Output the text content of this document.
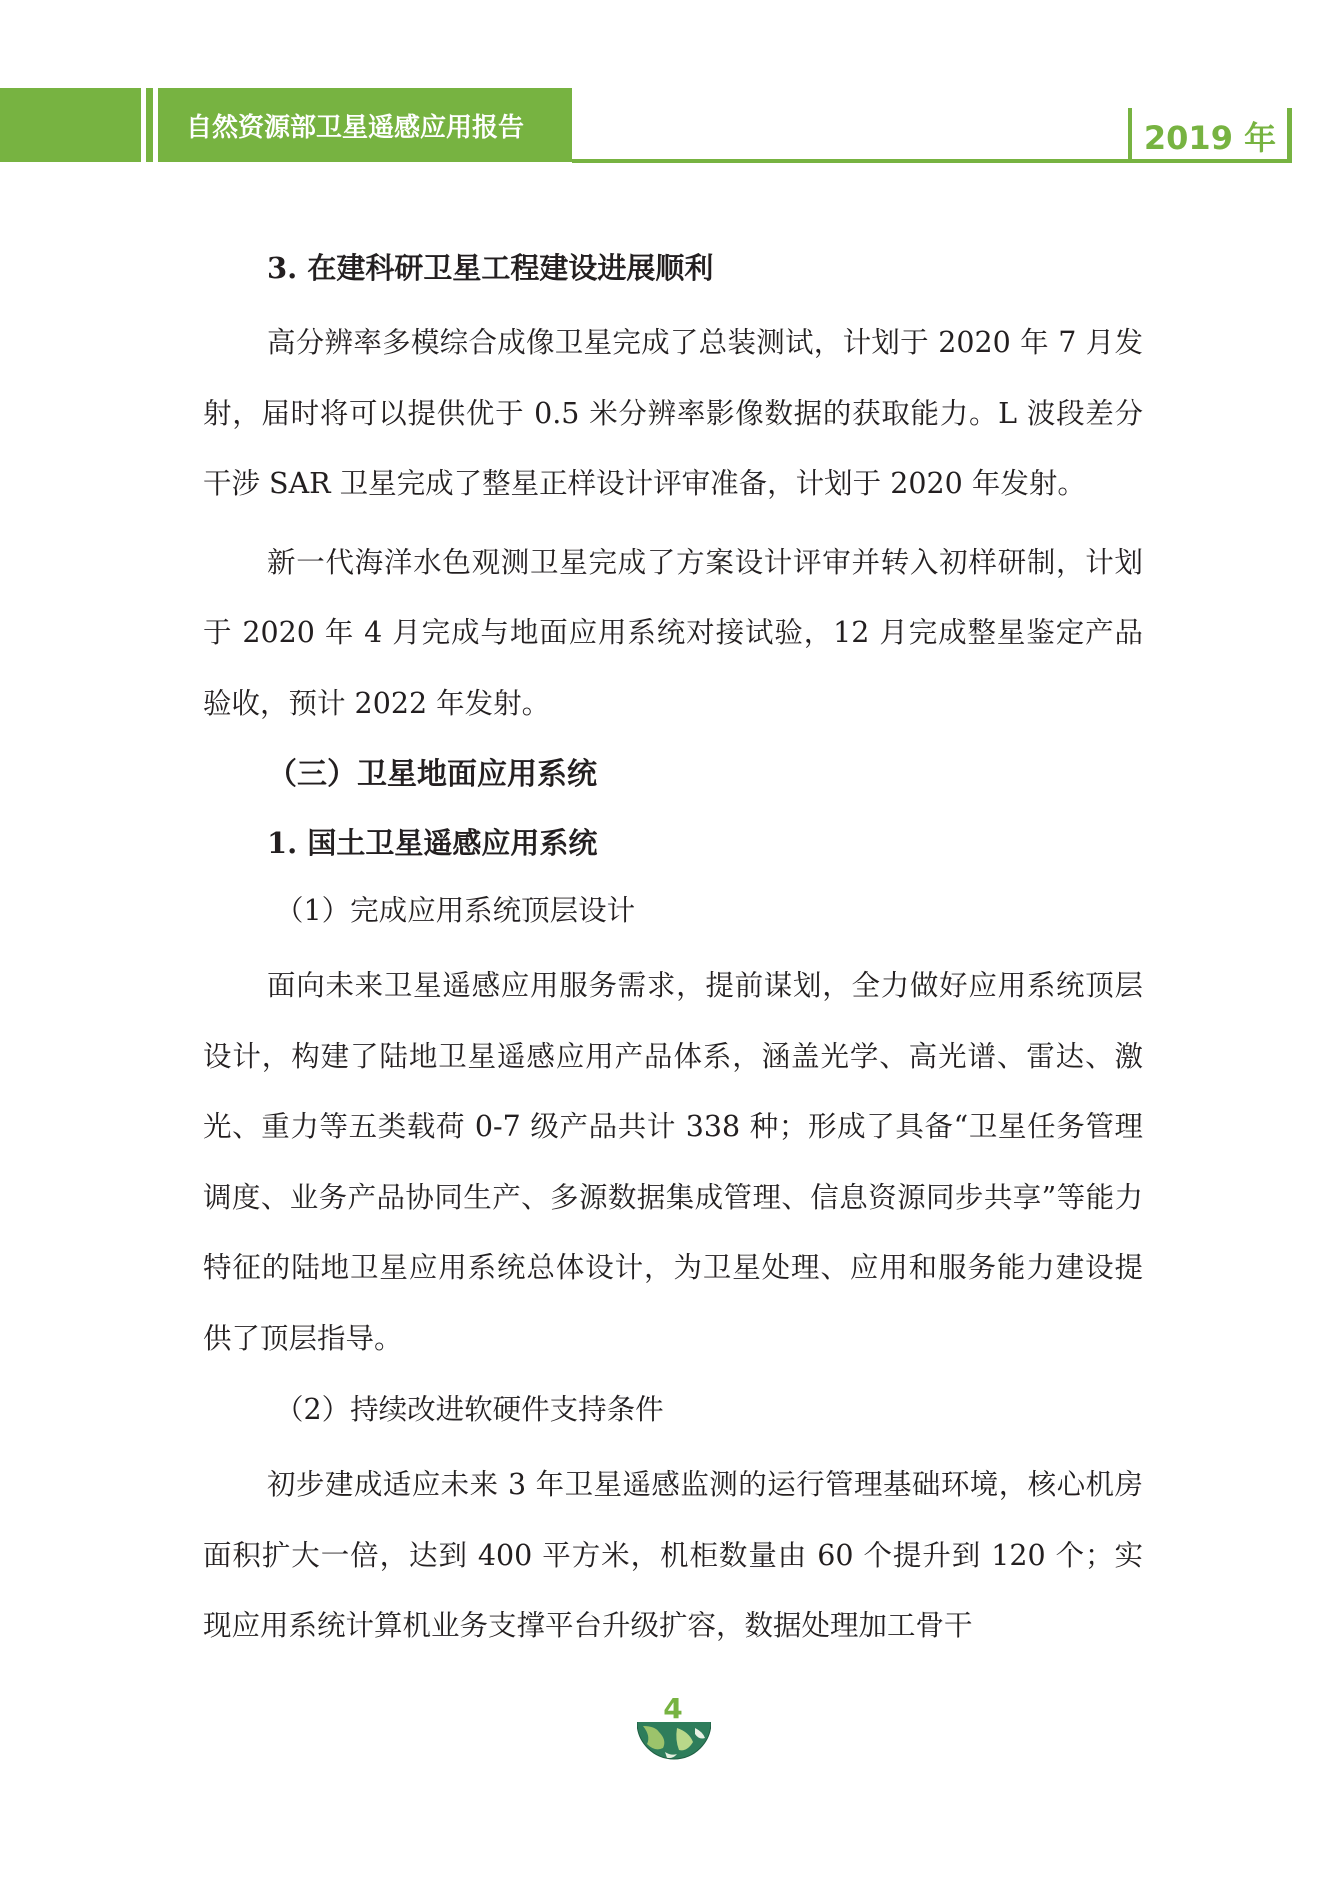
自然资源部卫星遥感应用报告	2019 年
3. 在建科研卫星工程建设进展顺利

高分辨率多模综合成像卫星完成了总装测试，计划于 2020 年 7 月发射，届时将可以提供优于 0.5 米分辨率影像数据的获取能力。L 波段差分干涉 SAR 卫星完成了整星正样设计评审准备，计划于 2020 年发射。

新一代海洋水色观测卫星完成了方案设计评审并转入初样研制，计划于 2020 年 4 月完成与地面应用系统对接试验，12 月完成整星鉴定产品验收，预计 2022 年发射。

（三）卫星地面应用系统
1. 国土卫星遥感应用系统
（1）完成应用系统顶层设计

面向未来卫星遥感应用服务需求，提前谋划，全力做好应用系统顶层设计，构建了陆地卫星遥感应用产品体系，涵盖光学、高光谱、雷达、激光、重力等五类载荷 0-7 级产品共计 338 种；形成了具备“卫星任务管理调度、业务产品协同生产、多源数据集成管理、信息资源同步共享”等能力特征的陆地卫星应用系统总体设计，为卫星处理、应用和服务能力建设提供了顶层指导。

（2）持续改进软硬件支持条件

初步建成适应未来 3 年卫星遥感监测的运行管理基础环境，核心机房面积扩大一倍，达到 400 平方米，机柜数量由 60 个提升到 120 个；实现应用系统计算机业务支撑平台升级扩容，数据处理加工骨干

4
